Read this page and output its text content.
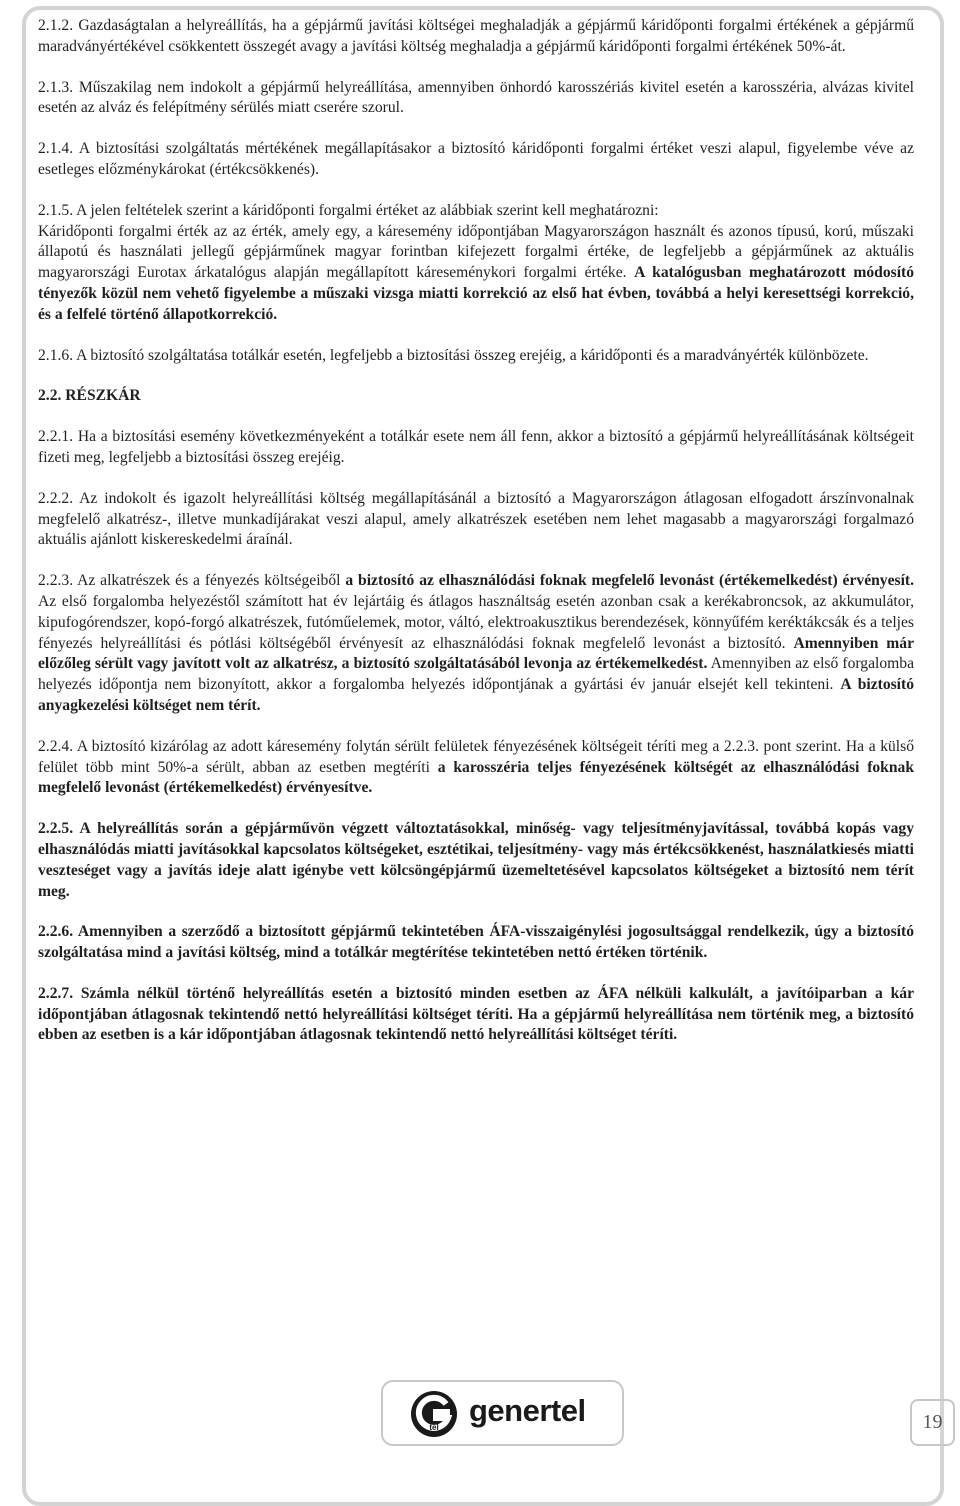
2.1.2. Gazdaságtalan a helyreállítás, ha a gépjármű javítási költségei meghaladják a gépjármű káridőponti forgalmi értékének a gépjármű maradványértékével csökkentett összegét avagy a javítási költség meghaladja a gépjármű káridőponti forgalmi értékének 50%-át.

2.1.3. Műszakilag nem indokolt a gépjármű helyreállítása, amennyiben önhordó karosszériás kivitel esetén a karosszéria, alvázas kivitel esetén az alváz és felépítmény sérülés miatt cserére szorul.

2.1.4. A biztosítási szolgáltatás mértékének megállapításakor a biztosító káridőponti forgalmi értéket veszi alapul, figyelembe véve az esetleges előzménykárokat (értékcsökkenés).

2.1.5. A jelen feltételek szerint a káridőponti forgalmi értéket az alábbiak szerint kell meghatározni:

Káridőponti forgalmi érték az az érték, amely egy, a káresemény időpontjában Magyarországon használt és azonos típusú, korú, műszaki állapotú és használati jellegű gépjárműnek magyar forintban kifejezett forgalmi értéke, de legfeljebb a gépjárműnek az aktuális magyarországi Eurotax árkatalógus alapján megállapított káreseménykori forgalmi értéke. A katalógusban meghatározott módosító tényezők közül nem vehető figyelembe a műszaki vizsga miatti korrekció az első hat évben, továbbá a helyi keresettségi korrekció, és a felfelé történő állapotkorrekció.

2.1.6. A biztosító szolgáltatása totálkár esetén, legfeljebb a biztosítási összeg erejéig, a káridőponti és a maradványérték különbözete.

2.2. RÉSZKÁR

2.2.1. Ha a biztosítási esemény következményeként a totálkár esete nem áll fenn, akkor a biztosító a gépjármű helyreállításának költségeit fizeti meg, legfeljebb a biztosítási összeg erejéig.

2.2.2. Az indokolt és igazolt helyreállítási költség megállapításánál a biztosító a Magyarországon átlagosan elfogadott árszínvonalnak megfelelő alkatrész-, illetve munkadíjárakat veszi alapul, amely alkatrészek esetében nem lehet magasabb a magyarországi forgalmazó aktuális ajánlott kiskereskedelmi áraínál.

2.2.3. Az alkatrészek és a fényezés költségeiből a biztosító az elhasználódási foknak megfelelő levonást (értékemelkedést) érvényesít. Az első forgalomba helyezéstől számított hat év lejártáig és átlagos használtság esetén azonban csak a kerékabroncsok, az akkumulátor, kipufogórendszer, kopó-forgó alkatrészek, futóműelemek, motor, váltó, elektroakusztikus berendezések, könnyűfém keréktákcsák és a teljes fényezés helyreállítási és pótlási költségéből érvényesít az elhasználódási foknak megfelelő levonást a biztosító. Amennyiben már előzőleg sérült vagy javított volt az alkatrész, a biztosító szolgáltatásából levonja az értékemelkedést. Amennyiben az első forgalomba helyezés időpontja nem bizonyított, akkor a forgalomba helyezés időpontjának a gyártási év január elsejét kell tekinteni. A biztosító anyagkezelési költséget nem térít.

2.2.4. A biztosító kizárólag az adott káresemény folytán sérült felületek fényezésének költségeit téríti meg a 2.2.3. pont szerint. Ha a külső felület több mint 50%-a sérült, abban az esetben megtéríti a karosszéria teljes fényezésének költségét az elhasználódási foknak megfelelő levonást (értékemelkedést) érvényesítve.

2.2.5. A helyreállítás során a gépjárművön végzett változtatásokkal, minőség- vagy teljesítményjavítással, továbbá kopás vagy elhasználódás miatti javításokkal kapcsolatos költségeket, esztétikai, teljesítmény- vagy más értékcsökkenést, használatkiesés miatti veszteséget vagy a javítás ideje alatt igénybe vett kölcsöngépjármű üzemeltetésével kapcsolatos költségeket a biztosító nem térít meg.

2.2.6. Amennyiben a szerződő a biztosított gépjármű tekintetében ÁFA-visszaigénylési jogosultsággal rendelkezik, úgy a biztosító szolgáltatása mind a javítási költség, mind a totálkár megtérítése tekintetében nettó értéken történik.

2.2.7. Számla nélkül történő helyreállítás esetén a biztosító minden esetben az ÁFA nélküli kalkulált, a javítóiparban a kár időpontjában átlagosnak tekintendő nettó helyreállítási költséget téríti. Ha a gépjármű helyreállítása nem történik meg, a biztosító ebben az esetben is a kár időpontjában átlagosnak tekintendő nettó helyreállítási költséget téríti.

tel
G genertel	19
